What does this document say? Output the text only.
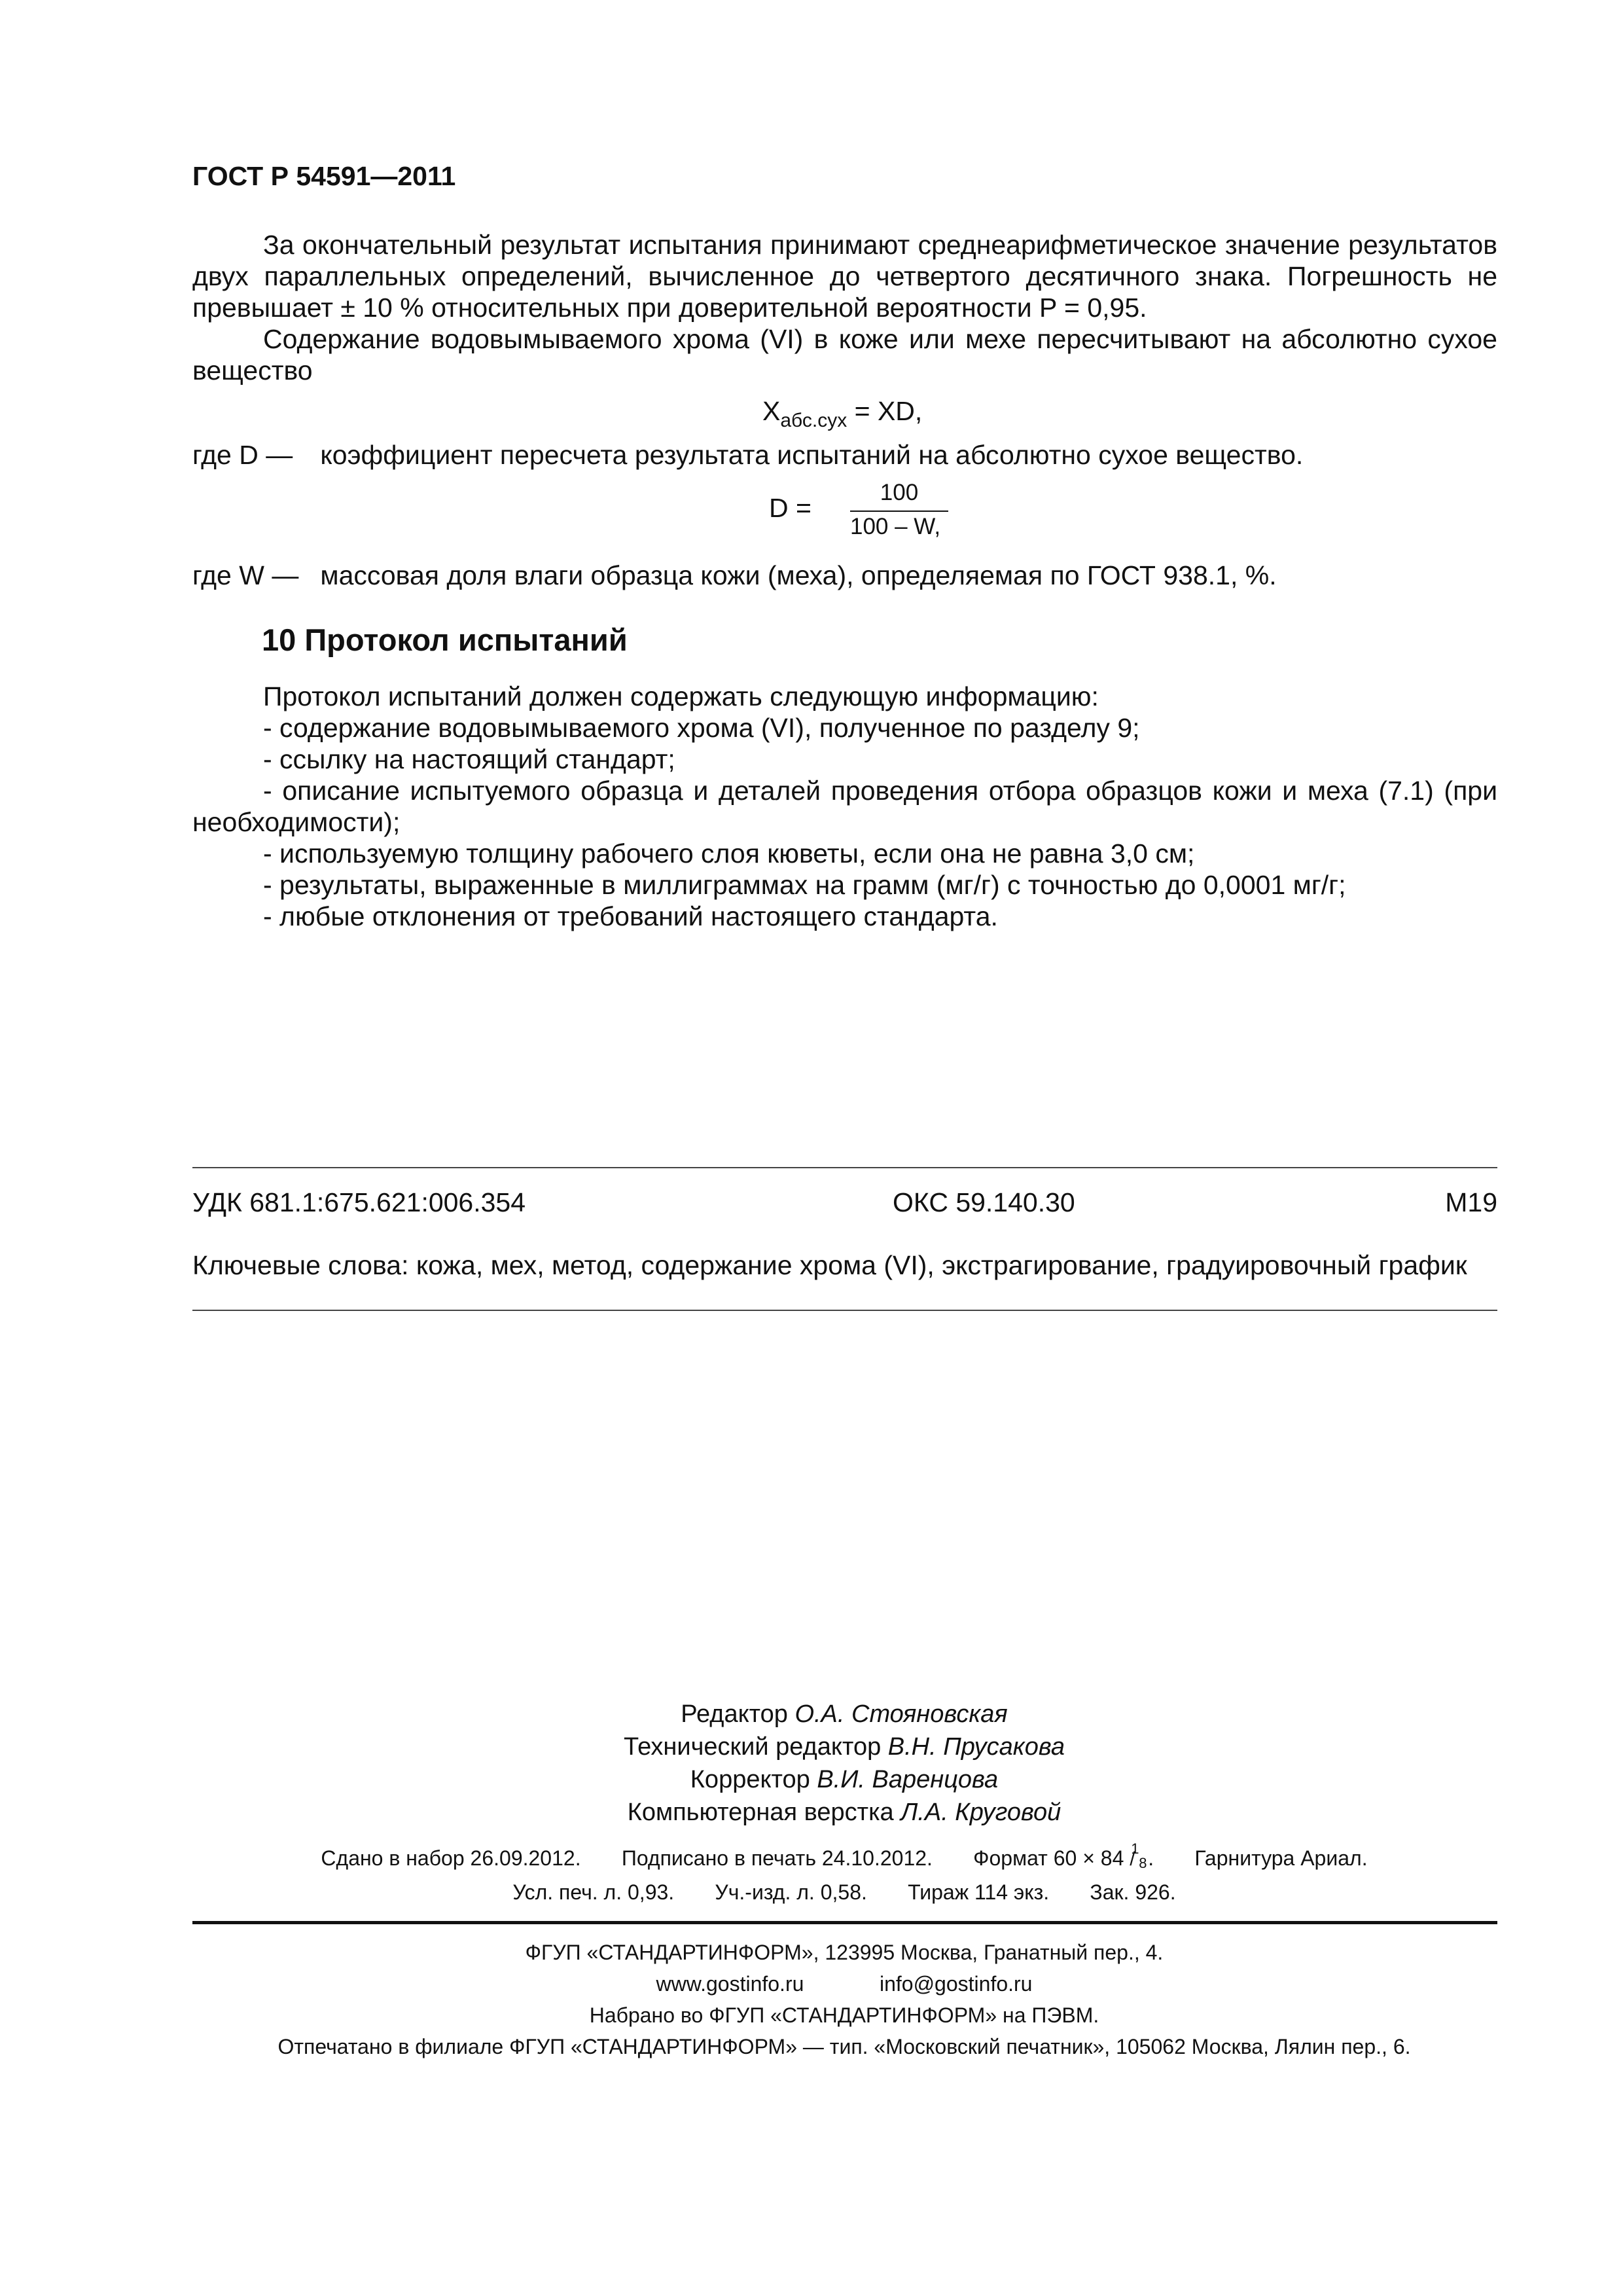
ГОСТ Р 54591—2011
За окончательный результат испытания принимают среднеарифметическое значение результатов двух параллельных определений, вычисленное до четвертого десятичного знака. Погрешность не превышает ± 10 % относительных при доверительной вероятности P = 0,95.
Содержание водовымываемого хрома (VI) в коже или мехе пересчитывают на абсолютно сухое вещество
$X_{абс.сух}$ = XD,
где D — коэффициент пересчета результата испытаний на абсолютно сухое вещество.
D =
100
100 – W,
где W — массовая доля влаги образца кожи (меха), определяемая по ГОСТ 938.1, %.
10 Протокол испытаний
Протокол испытаний должен содержать следующую информацию:
- содержание водовымываемого хрома (VI), полученное по разделу 9;
- ссылку на настоящий стандарт;
- описание испытуемого образца и деталей проведения отбора образцов кожи и меха (7.1) (при необходимости);
- используемую толщину рабочего слоя кюветы, если она не равна 3,0 см;
- результаты, выраженные в миллиграммах на грамм (мг/г) с точностью до 0,0001 мг/г;
- любые отклонения от требований настоящего стандарта.
УДК 681.1:675.621:006.354	ОКС 59.140.30	М19
Ключевые слова: кожа, мех, метод, содержание хрома (VI), экстрагирование, градуировочный график
Редактор О.А. Стояновская
Технический редактор В.Н. Прусакова
Корректор В.И. Варенцова
Компьютерная верстка Л.А. Круговой
Сдано в набор 26.09.2012. Подписано в печать 24.10.2012. Формат 60 × 84 1
/ 8 .       Гарнитура Ариал.
Усл. печ. л. 0,93. Уч.-изд. л. 0,58. Тираж 114 экз. Зак. 926.
ФГУП «СТАНДАРТИНФОРМ», 123995 Москва, Гранатный пер., 4.
www.gostinfo.ru	info@gostinfo.ru
Набрано во ФГУП «СТАНДАРТИНФОРМ» на ПЭВМ.
Отпечатано в филиале ФГУП «СТАНДАРТИНФОРМ» — тип. «Московский печатник», 105062 Москва, Лялин пер., 6.
